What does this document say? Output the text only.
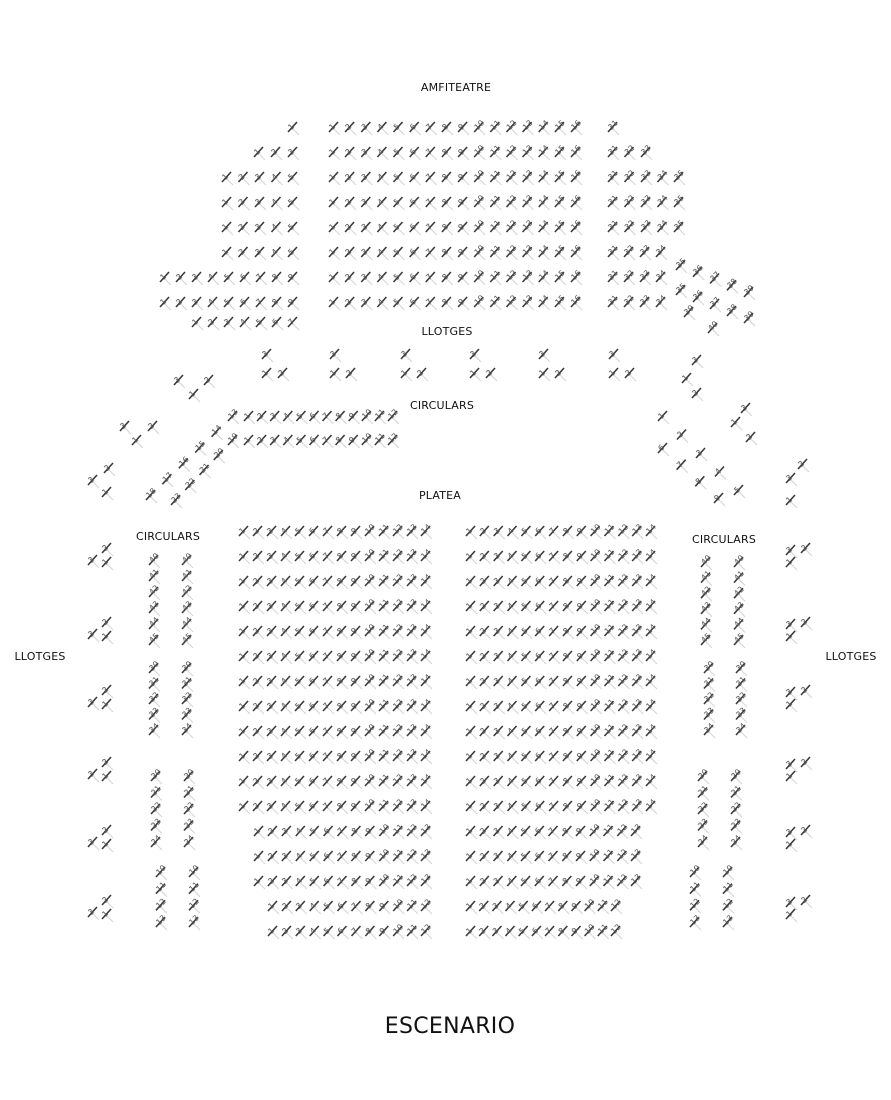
1 2 3 4 5 6 7 8 9 10 11 12 13 14 15 16
1 2 3 4 5 6 7 8 9 10 11 12 13 14 15 16
1 2 3 4 5 6 7 8 9 10 11 12 13 14 15 16
1 2 3 4 5 6 7 8 9 10 11 12 13 14 15 16
1 2 3 4 5 6 7 8 9 10 11 12 13 14 15 16
1 2 3 4 5 6 7 8 9 10 11 12 13 14 15 16
1 2 3 4 5 6 7 8 9 10 11 12 13 14 15 16
1 2 3 4 5 6 7 8 9 10 11 12 13 14 15 16
1
1 2 3
1 2 3 4 5
1 2 3 4 5
1 2 3 4 5
1 2 3 4 5
1 2 3 4 5 6 7 8 9
1 2 3 4 5 6 7 8 9
1 2 3 4 5 6 7
31
31 32 33
31 32 33 34 35
31 32 33 34 35
31 32 33 34 35
31 32 33 34
31 32 33 34
31 32 33 34
35
36 37
38 39
35
36
37
38
39
39
40
3
1 2
3
1 2
3
1 2
3
1 2
3
1 2
3
1 2
3
1
2
3	2
1
1 2 3 4 5 6 7 8 9 10 11 12
1 2 3 4 5 6 7 8 9 10 11 12
13
14
15
16
17
18
19
20
21
22
23
1
2
3
4
5
6
7
8
9
3 2
1
3
2
1
3
1
2
3
2
1
1 2 3 4 5 6 7 8 9 10 11 12 13 14	1 2 3 4 5 6 7 8 9 10 11 12 13 14
1 2 3 4 5 6 7 8 9 10 11 12 13 14	1 2 3 4 5 6 7 8 9 10 11 12 13 14
1 2 3 4 5 6 7 8 9 10 11 12 13 14	1 2 3 4 5 6 7 8 9 10 11 12 13 14
1 2 3 4 5 6 7 8 9 10 11 12 13 14	1 2 3 4 5 6 7 8 9 10 11 12 13 14
1 2 3 4 5 6 7 8 9 10 11 12 13 14	1 2 3 4 5 6 7 8 9 10 11 12 13 14
1 2 3 4 5 6 7 8 9 10 11 12 13 14	1 2 3 4 5 6 7 8 9 10 11 12 13 14
1 2 3 4 5 6 7 8 9 10 11 12 13 14	1 2 3 4 5 6 7 8 9 10 11 12 13 14
1 2 3 4 5 6 7 8 9 10 11 12 13 14	1 2 3 4 5 6 7 8 9 10 11 12 13 14
1 2 3 4 5 6 7 8 9 10 11 12 13 14	1 2 3 4 5 6 7 8 9 10 11 12 13 14
1 2 3 4 5 6 7 8 9 10 11 12 13 14	1 2 3 4 5 6 7 8 9 10 11 12 13 14
1 2 3 4 5 6 7 8 9 10 11 12 13 14	1 2 3 4 5 6 7 8 9 10 11 12 13 14
1 2 3 4 5 6 7 8 9 10 11 12 13 14	1 2 3 4 5 6 7 8 9 10 11 12 13 14
1 2 3 4 5 6 7 8 9 10 11 12 13	1 2 3 4 5 6 7 8 9 10 11 12 13
1 2 3 4 5 6 7 8 9 10 11 12 13	1 2 3 4 5 6 7 8 9 10 11 12 13
1 2 3 4 5 6 7 8 9 10 11 12 13	1 2 3 4 5 6 7 8 9 10 11 12 13
1 2 3 4 5 6 7 8 9 10 11 12	1 2 3 4 5 6 7 8 9 10 11 12
1 2 3 4 5 6 7 8 9 10 11 12	1 2 3 4 5 6 7 8 9 10 11 12
40
41
42
43
44
45
40
41
42
43
44
45
30
31
32
33
34
30
31
32
33
34
20
21
22
23
24
20
21
22
23
24
10
11
12
13
10
11
12
13
40
41
42
43
44
45
40
41
42
43
44
45
30
31
32
33
34
30
31
32
33
34
20
21
22
23
24
20
21
22
23
24
10
11
12
13
10
11
12
13
3
2
1
3
2
1
3
2
1
3
2
1
3
2
1
3
2
1
3 2
1
3 2
1
3 2
1
3 2
1
3 2
1
3 2
1
AMFITEATRE
LLOTGES
CIRCULARS
PLATEA
CIRCULARS	CIRCULARS
LLOTGES	LLOTGES
ESCENARIO
